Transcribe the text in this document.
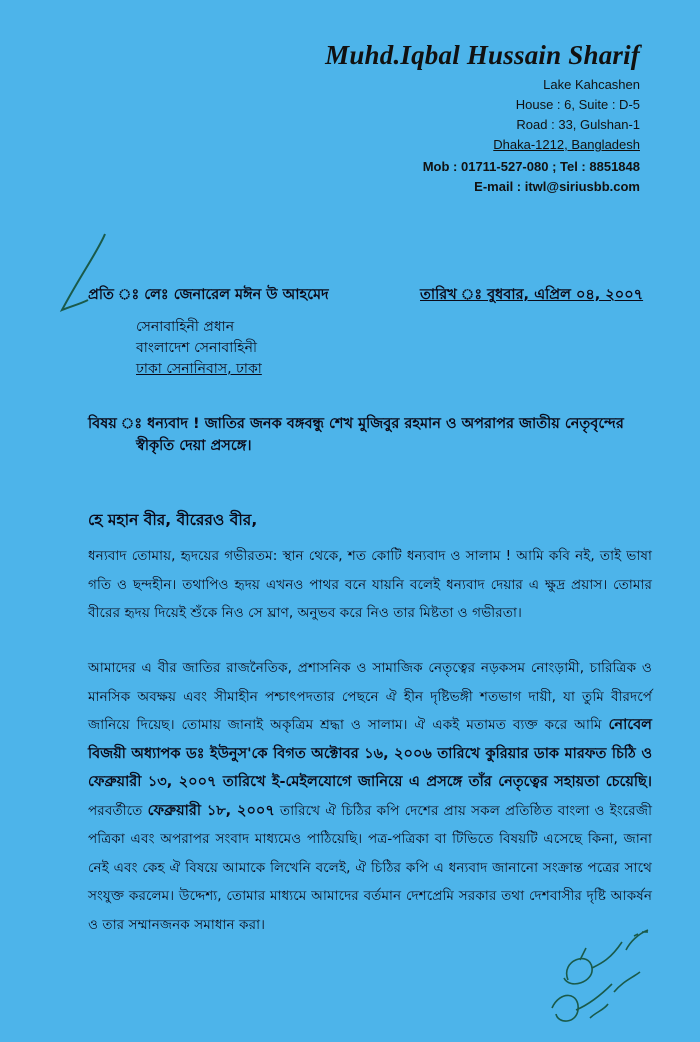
Muhd.Iqbal Hussain Sharif
Lake Kahcashen
House : 6, Suite : D-5
Road : 33, Gulshan-1
Dhaka-1212, Bangladesh
Mob : 01711-527-080 ; Tel : 8851848
E-mail : itwl@siriusbb.com
প্রতি ঃ লেঃ জেনারেল মঈন উ আহমেদ	তারিখ ঃ বুধবার, এপ্রিল ০৪, ২০০৭
সেনাবাহিনী প্রধান
বাংলাদেশ সেনাবাহিনী
ঢাকা সেনানিবাস, ঢাকা
বিষয় ঃ ধন্যবাদ ! জাতির জনক বঙ্গবন্ধু শেখ মুজিবুর রহমান ও অপরাপর জাতীয় নেতৃবৃন্দের
স্বীকৃতি দেয়া প্রসঙ্গে।
হে মহান বীর, বীরেরও বীর,
ধন্যবাদ তোমায়, হৃদয়ের গভীরতম: স্থান থেকে, শত কোটি ধন্যবাদ ও সালাম ! আমি কবি নই, তাই ভাষা গতি ও ছন্দহীন। তথাপিও হৃদয় এখনও পাথর বনে যায়নি বলেই ধন্যবাদ দেয়ার এ ক্ষুদ্র প্রয়াস। তোমার বীরের হৃদয় দিয়েই শুঁকে নিও সে ঘ্রাণ, অনুভব করে নিও তার মিষ্টতা ও গভীরতা।
আমাদের এ বীর জাতির রাজনৈতিক, প্রশাসনিক ও সামাজিক নেতৃত্বের নড়কসম নোংড়ামী, চারিত্রিক ও মানসিক অবক্ষয় এবং সীমাহীন পশ্চাৎপদতার পেছনে ঐ হীন দৃষ্টিভঙ্গী শতভাগ দায়ী, যা তুমি বীরদর্পে জানিয়ে দিয়েছ। তোমায় জানাই অকৃত্রিম শ্রদ্ধা ও সালাম। ঐ একই মতামত ব্যক্ত করে আমি নোবেল বিজয়ী অধ্যাপক ডঃ ইউনুস'কে বিগত অক্টোবর ১৬, ২০০৬ তারিখে কুরিয়ার ডাক মারফত চিঠি ও ফেব্রুয়ারী ১৩, ২০০৭ তারিখে ই-মেইলযোগে জানিয়ে এ প্রসঙ্গে তাঁর নেতৃত্বের সহায়তা চেয়েছি। পরবর্তীতে ফেব্রুয়ারী ১৮, ২০০৭ তারিখে ঐ চিঠির কপি দেশের প্রায় সকল প্রতিষ্ঠিত বাংলা ও ইংরেজী পত্রিকা এবং অপরাপর সংবাদ মাধ্যমেও পাঠিয়েছি। পত্র-পত্রিকা বা টিভিতে বিষয়টি এসেছে কিনা, জানা নেই এবং কেহ ঐ বিষয়ে আমাকে লিখেনি বলেই, ঐ চিঠির কপি এ ধন্যবাদ জানানো সংক্রান্ত পত্রের সাথে সংযুক্ত করলেম। উদ্দেশ্য, তোমার মাধ্যমে আমাদের বর্তমান দেশপ্রেমি সরকার তথা দেশবাসীর দৃষ্টি আকর্ষন ও তার সম্মানজনক সমাধান করা।
